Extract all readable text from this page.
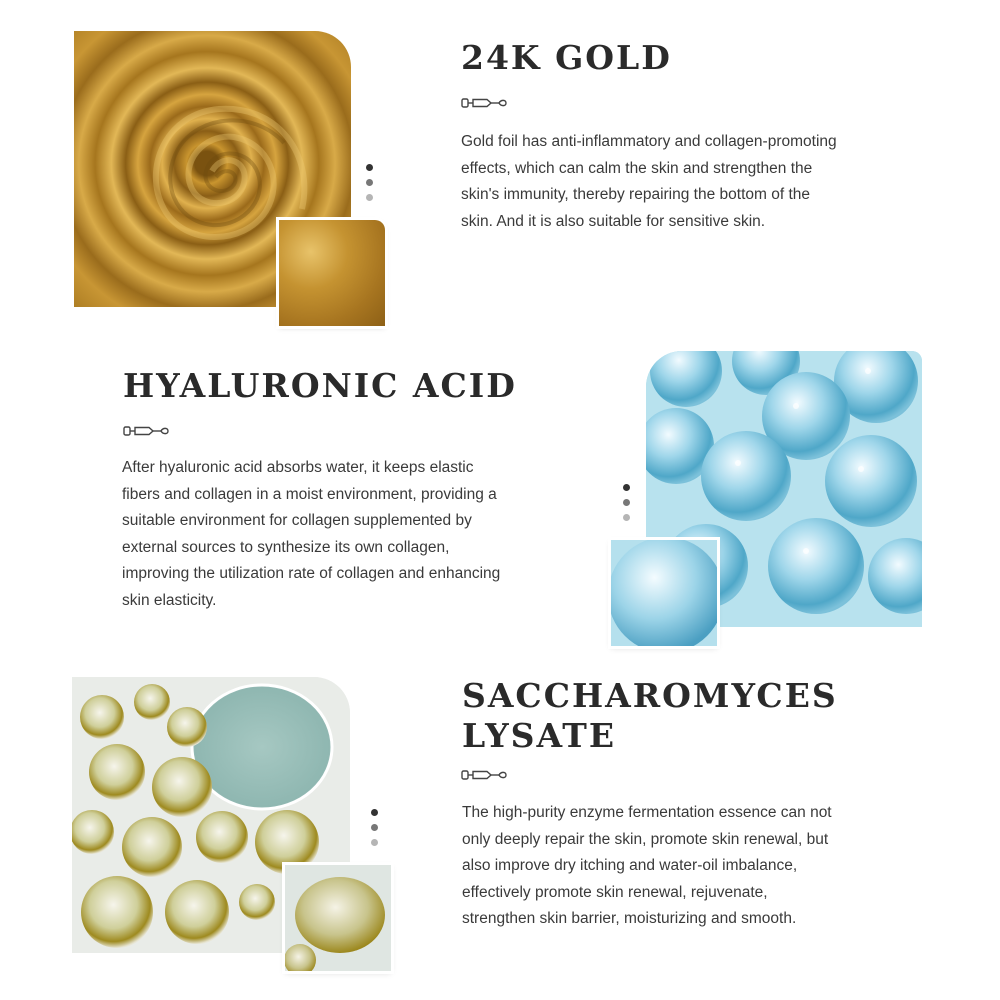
24K GOLD

Gold foil has anti-inflammatory and collagen-promoting effects, which can calm the skin and strengthen the skin's immunity, thereby repairing the bottom of the skin. And it is also suitable for sensitive skin.

HYALURONIC ACID

After hyaluronic acid absorbs water, it keeps elastic fibers and collagen in a moist environment, providing a suitable environment for collagen supplemented by external sources to synthesize its own collagen, improving the utilization rate of collagen and enhancing skin elasticity.

SACCHAROMYCES
LYSATE

The high-purity enzyme fermentation essence can not only deeply repair the skin, promote skin renewal, but also improve dry itching and water-oil imbalance, effectively promote skin renewal, rejuvenate, strengthen skin barrier, moisturizing and smooth.
